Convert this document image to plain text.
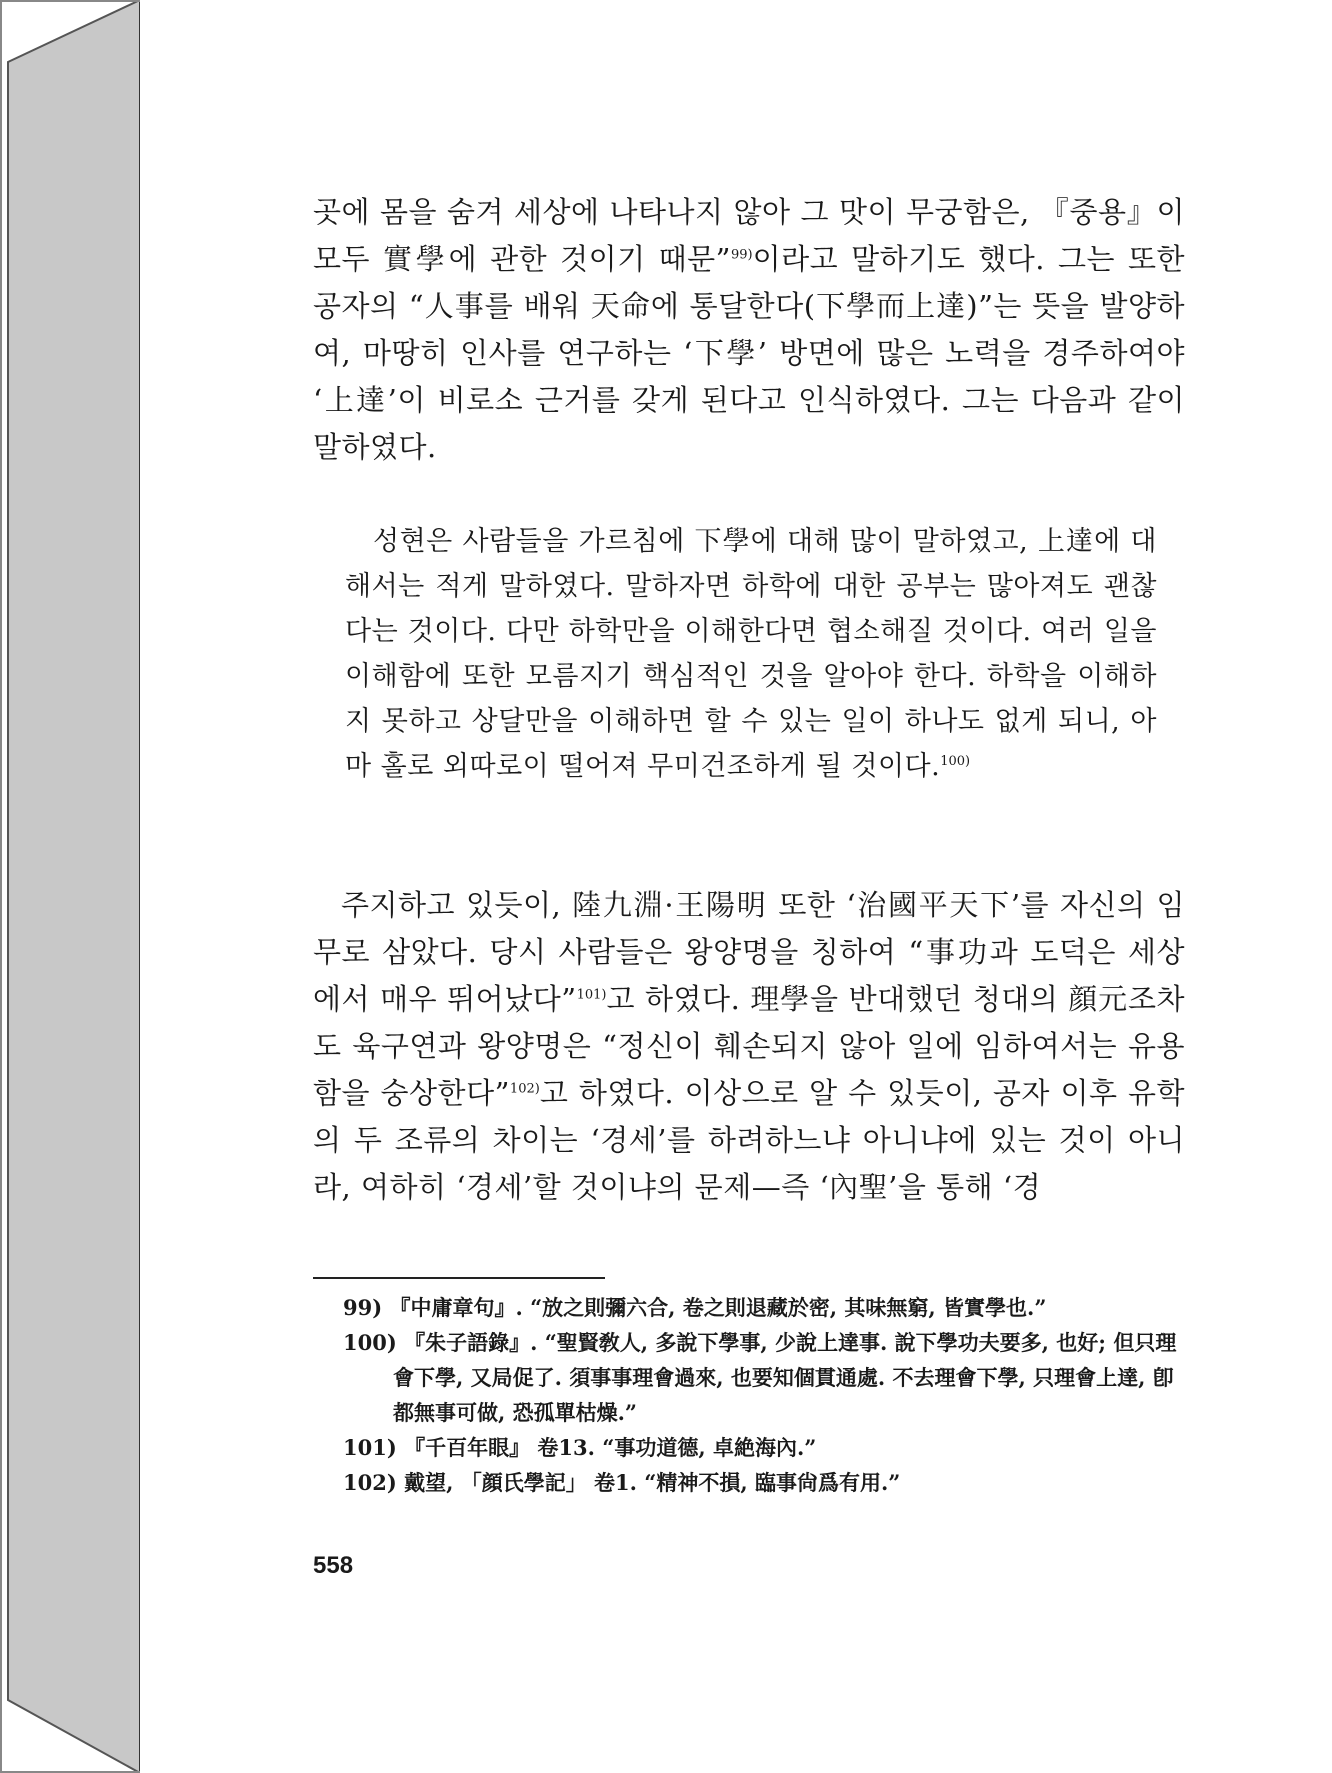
곳에 몸을 숨겨 세상에 나타나지 않아 그 맛이 무궁함은, 『중용』이 모두 實學에 관한 것이기 때문”$^{99)}$이라고 말하기도 했다. 그는 또한 공자의 “人事를 배워 天命에 통달한다(下學而上達)”는 뜻을 발양하여, 마땅히 인사를 연구하는 ‘下學’ 방면에 많은 노력을 경주하여야 ‘上達’이 비로소 근거를 갖게 된다고 인식하였다. 그는 다음과 같이 말하였다.
성현은 사람들을 가르침에 下學에 대해 많이 말하였고, 上達에 대해서는 적게 말하였다. 말하자면 하학에 대한 공부는 많아져도 괜찮다는 것이다. 다만 하학만을 이해한다면 협소해질 것이다. 여러 일을 이해함에 또한 모름지기 핵심적인 것을 알아야 한다. 하학을 이해하지 못하고 상달만을 이해하면 할 수 있는 일이 하나도 없게 되니, 아마 홀로 외따로이 떨어져 무미건조하게 될 것이다.$^{100)}$
주지하고 있듯이, 陸九淵·王陽明 또한 ‘治國平天下’를 자신의 임무로 삼았다. 당시 사람들은 왕양명을 칭하여 “事功과 도덕은 세상에서 매우 뛰어났다”$^{101)}$고 하였다. 理學을 반대했던 청대의 顔元조차도 육구연과 왕양명은 “정신이 훼손되지 않아 일에 임하여서는 유용함을 숭상한다”$^{102)}$고 하였다. 이상으로 알 수 있듯이, 공자 이후 유학의 두 조류의 차이는 ‘경세’를 하려하느냐 아니냐에 있는 것이 아니라, 여하히 ‘경세’할 것이냐의 문제—즉 ‘內聖’을 통해 ‘경
99) 『中庸章句』. “放之則彌六合, 卷之則退藏於密, 其味無窮, 皆實學也.”
100) 『朱子語錄』. “聖賢敎人, 多說下學事, 少說上達事. 說下學功夫要多, 也好; 但只理會下學, 又局促了. 須事事理會過來, 也要知個貫通處. 不去理會下學, 只理會上達, 卽都無事可做, 恐孤單枯燥.”
101) 『千百年眼』 卷13. “事功道德, 卓絶海內.”
102) 戴望, 「顔氏學記」 卷1. “精神不損, 臨事尙爲有用.”
558
